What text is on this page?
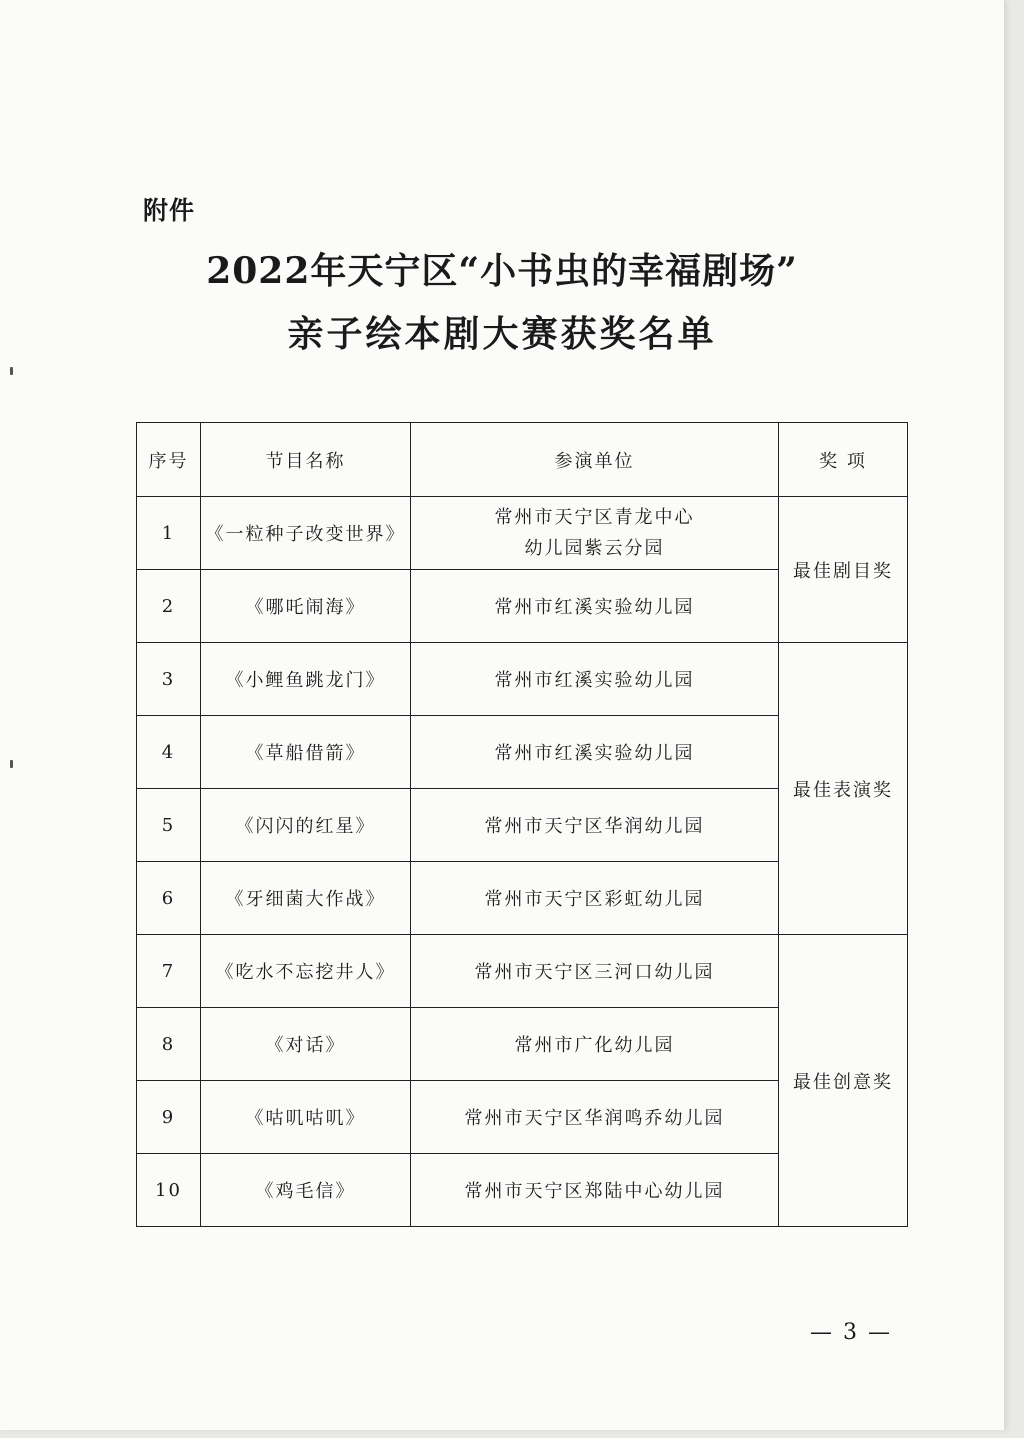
附件
2022年天宁区“小书虫的幸福剧场”
亲子绘本剧大赛获奖名单
序号	节目名称	参演单位	奖 项
1	《一粒种子改变世界》	常州市天宁区青龙中心幼儿园紫云分园	最佳剧目奖
2	《哪吒闹海》	常州市红溪实验幼儿园	
3	《小鲤鱼跳龙门》	常州市红溪实验幼儿园	最佳表演奖
4	《草船借箭》	常州市红溪实验幼儿园	
5	《闪闪的红星》	常州市天宁区华润幼儿园	
6	《牙细菌大作战》	常州市天宁区彩虹幼儿园	
7	《吃水不忘挖井人》	常州市天宁区三河口幼儿园	最佳创意奖
8	《对话》	常州市广化幼儿园	
9	《咕叽咕叽》	常州市天宁区华润鸣乔幼儿园	
10	《鸡毛信》	常州市天宁区郑陆中心幼儿园	
— 3 —
